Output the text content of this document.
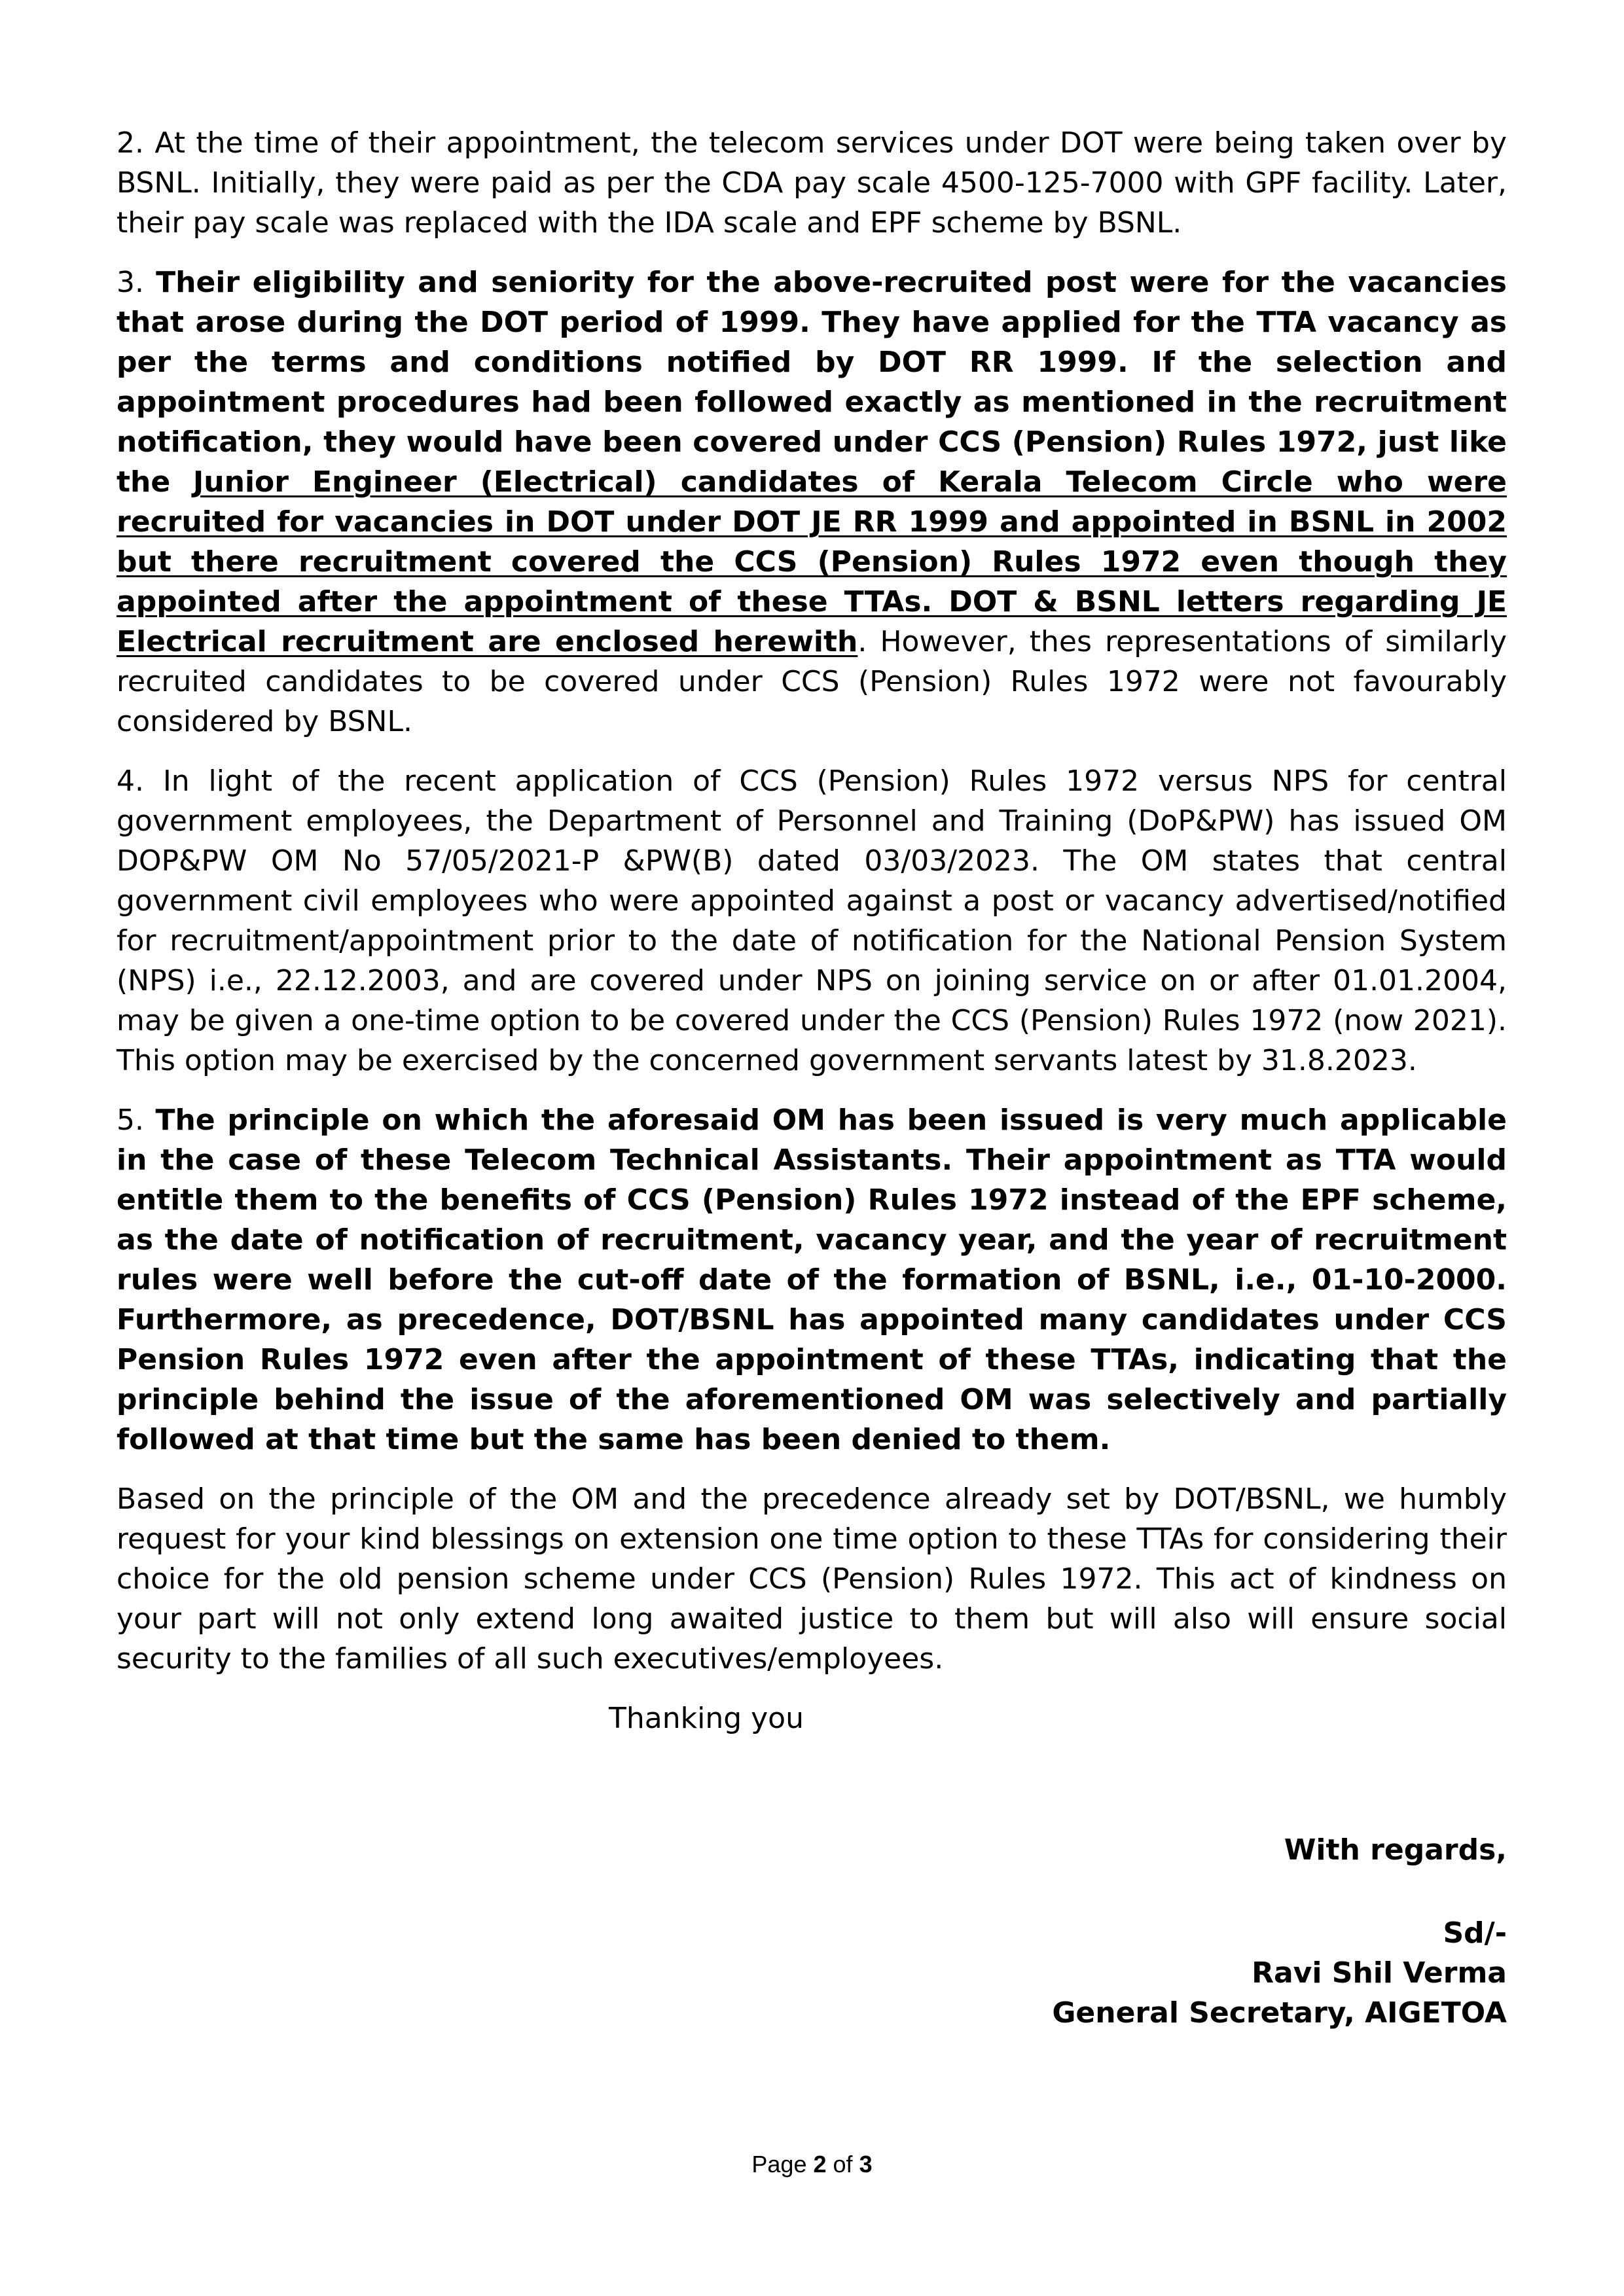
2. At the time of their appointment, the telecom services under DOT were being taken over by BSNL. Initially, they were paid as per the CDA pay scale 4500-125-7000 with GPF facility. Later, their pay scale was replaced with the IDA scale and EPF scheme by BSNL.

3. Their eligibility and seniority for the above-recruited post were for the vacancies that arose during the DOT period of 1999. They have applied for the TTA vacancy as per the terms and conditions notified by DOT RR 1999. If the selection and appointment procedures had been followed exactly as mentioned in the recruitment notification, they would have been covered under CCS (Pension) Rules 1972, just like the Junior Engineer (Electrical) candidates of Kerala Telecom Circle who were recruited for vacancies in DOT under DOT JE RR 1999 and appointed in BSNL in 2002 but there recruitment covered the CCS (Pension) Rules 1972 even though they appointed after the appointment of these TTAs. DOT & BSNL letters regarding JE Electrical recruitment are enclosed herewith. However, thes representations of similarly recruited candidates to be covered under CCS (Pension) Rules 1972 were not favourably considered by BSNL.

4. In light of the recent application of CCS (Pension) Rules 1972 versus NPS for central government employees, the Department of Personnel and Training (DoP&PW) has issued OM DOP&PW OM No 57/05/2021-P &PW(B) dated 03/03/2023. The OM states that central government civil employees who were appointed against a post or vacancy advertised/notified for recruitment/appointment prior to the date of notification for the National Pension System (NPS) i.e., 22.12.2003, and are covered under NPS on joining service on or after 01.01.2004, may be given a one-time option to be covered under the CCS (Pension) Rules 1972 (now 2021). This option may be exercised by the concerned government servants latest by 31.8.2023.

5. The principle on which the aforesaid OM has been issued is very much applicable in the case of these Telecom Technical Assistants. Their appointment as TTA would entitle them to the benefits of CCS (Pension) Rules 1972 instead of the EPF scheme, as the date of notification of recruitment, vacancy year, and the year of recruitment rules were well before the cut-off date of the formation of BSNL, i.e., 01-10-2000. Furthermore, as precedence, DOT/BSNL has appointed many candidates under CCS Pension Rules 1972 even after the appointment of these TTAs, indicating that the principle behind the issue of the aforementioned OM was selectively and partially followed at that time but the same has been denied to them.

Based on the principle of the OM and the precedence already set by DOT/BSNL, we humbly request for your kind blessings on extension one time option to these TTAs for considering their choice for the old pension scheme under CCS (Pension) Rules 1972. This act of kindness on your part will not only extend long awaited justice to them but will also will ensure social security to the families of all such executives/employees.

Thanking you
With regards,
Sd/-
Ravi Shil Verma
General Secretary, AIGETOA
Page 2 of 3
